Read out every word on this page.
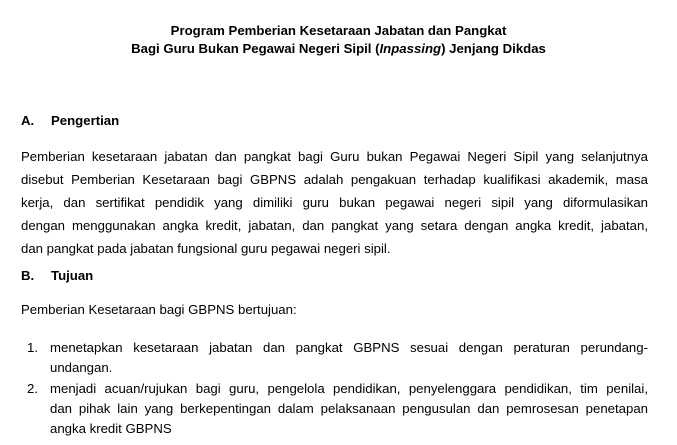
Program Pemberian Kesetaraan Jabatan dan Pangkat
Bagi Guru Bukan Pegawai Negeri Sipil (Inpassing) Jenjang Dikdas
A. Pengertian
Pemberian kesetaraan jabatan dan pangkat bagi Guru bukan Pegawai Negeri Sipil yang selanjutnya
disebut Pemberian Kesetaraan bagi GBPNS adalah pengakuan terhadap kualifikasi akademik, masa
kerja, dan sertifikat pendidik yang dimiliki guru bukan pegawai negeri sipil yang diformulasikan
dengan menggunakan angka kredit, jabatan, dan pangkat yang setara dengan angka kredit, jabatan,
dan pangkat pada jabatan fungsional guru pegawai negeri sipil.
B. Tujuan
Pemberian Kesetaraan bagi GBPNS bertujuan:
1. menetapkan kesetaraan jabatan dan pangkat GBPNS sesuai dengan peraturan perundang-
undangan.
2. menjadi acuan/rujukan bagi guru, pengelola pendidikan, penyelenggara pendidikan, tim penilai,
dan pihak lain yang berkepentingan dalam pelaksanaan pengusulan dan pemrosesan penetapan
angka kredit GBPNS
